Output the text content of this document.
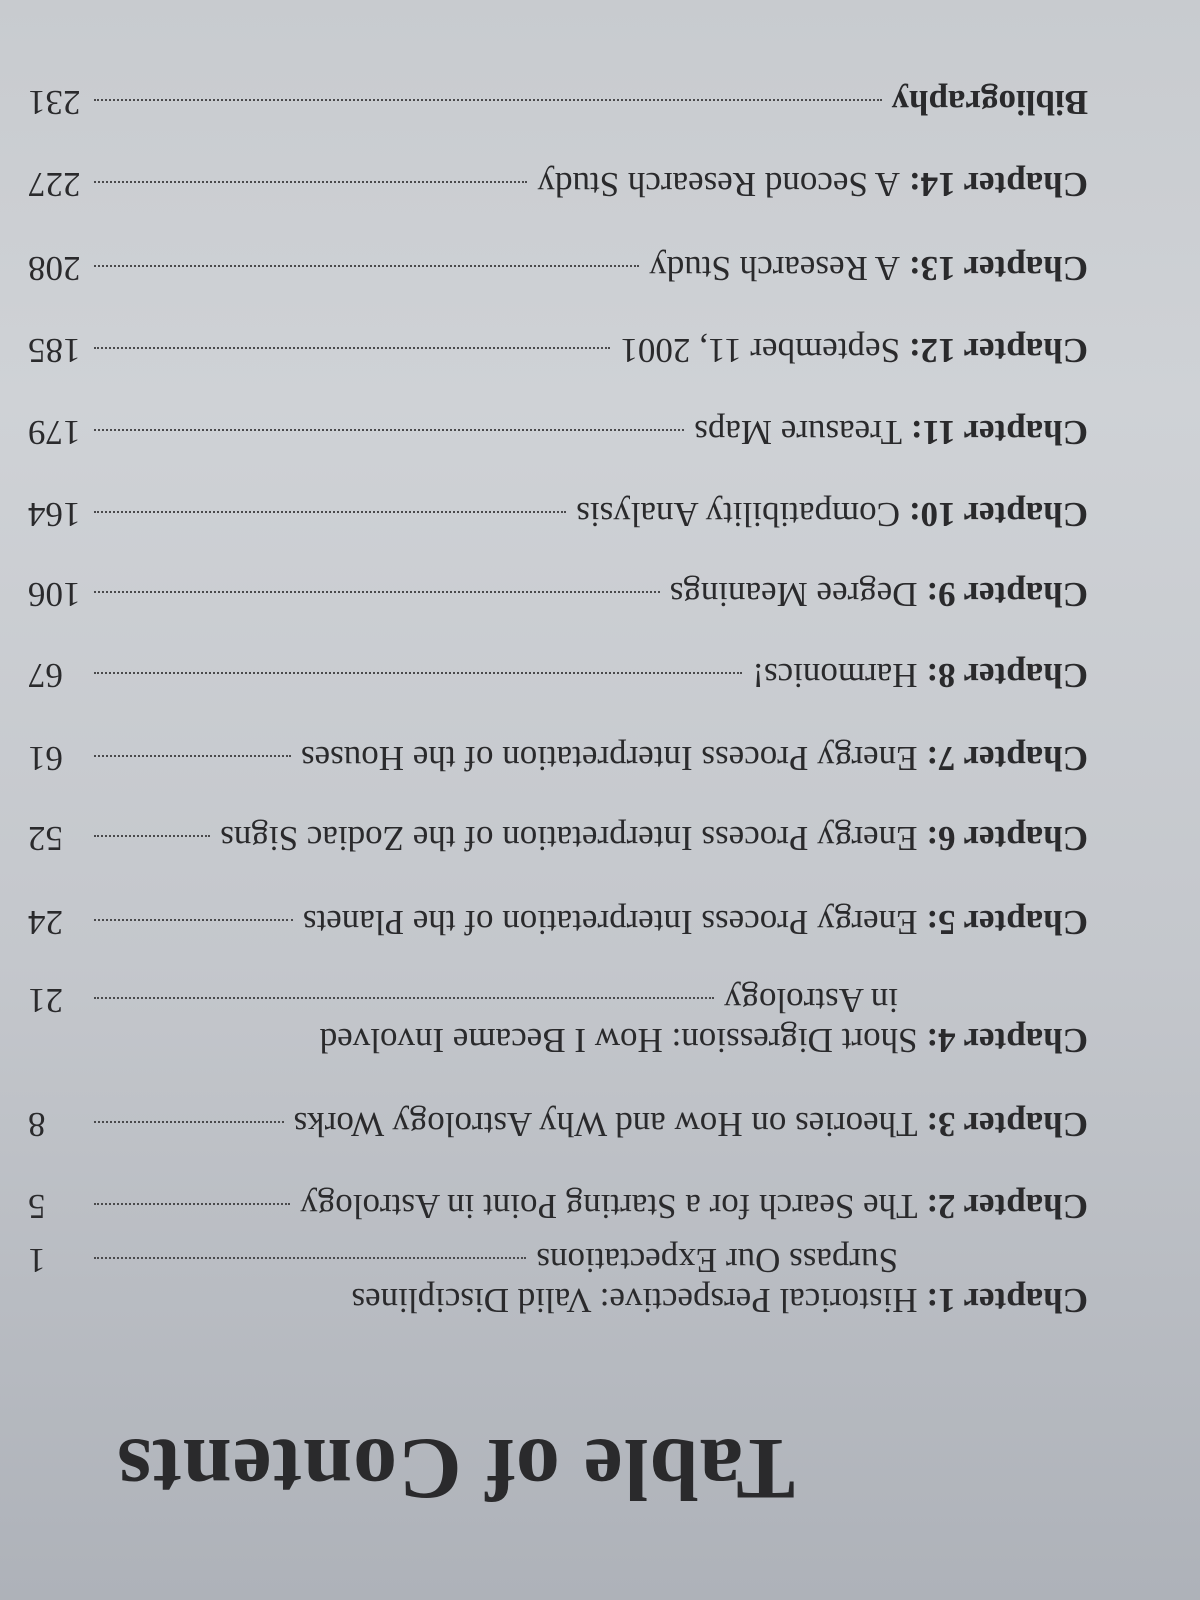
Table of Contents
Chapter 1:

Historical Perspective: Valid Disciplines
Surpass Our Expectations
1
Chapter 2:

The Search for a Starting Point in Astrology
5
Chapter 3:

Theories on How and Why Astrology Works
8
Chapter 4:

Short Digression: How I Became Involved
in Astrology
21
Chapter 5:

Energy Process Interpretation of the Planets
24
Chapter 6:

Energy Process Interpretation of the Zodiac Signs
52
Chapter 7:

Energy Process Interpretation of the Houses
61
Chapter 8:

Harmonics!
67
Chapter 9:

Degree Meanings
106
Chapter 10:

Compatibility Analysis
164
Chapter 11:

Treasure Maps
179
Chapter 12:

September 11, 2001
185
Chapter 13:

A Research Study
208
Chapter 14:

A Second Research Study
227
Bibliography
231
